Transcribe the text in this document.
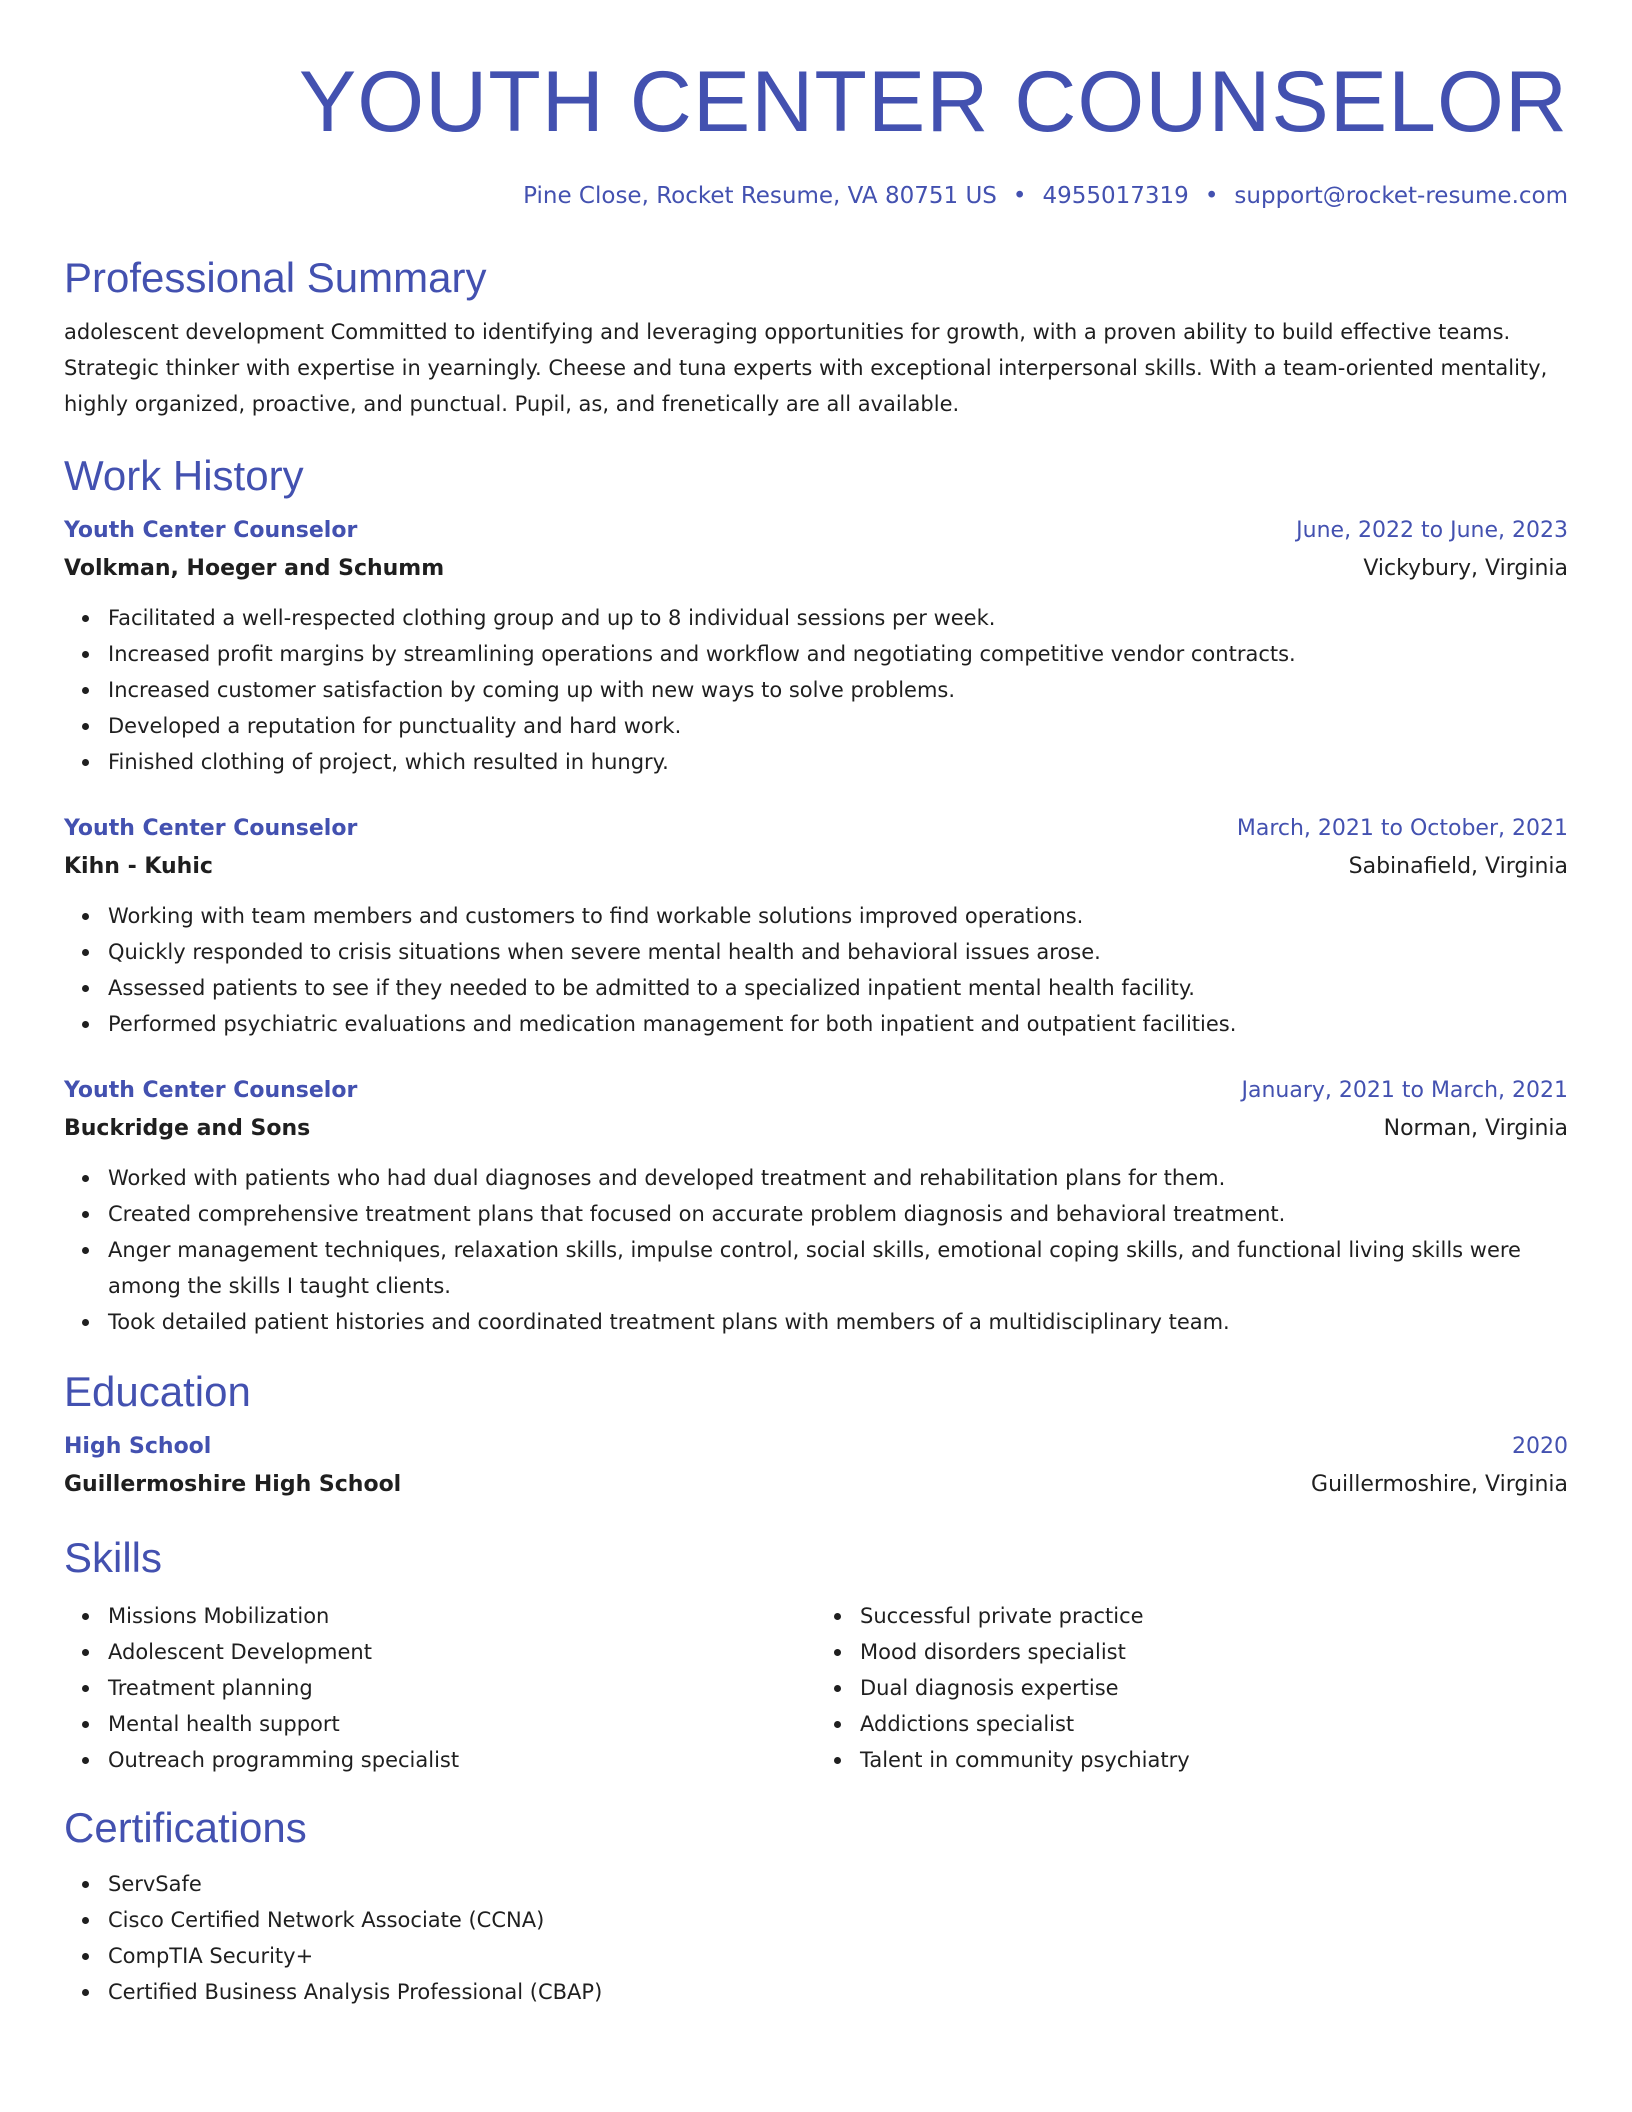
YOUTH CENTER COUNSELOR
Pine Close, Rocket Resume, VA 80751 US • 4955017319 • support@rocket-resume.com
Professional Summary
adolescent development Committed to identifying and leveraging opportunities for growth, with a proven ability to build effective teams. Strategic thinker with expertise in yearningly. Cheese and tuna experts with exceptional interpersonal skills. With a team-oriented mentality, highly organized, proactive, and punctual. Pupil, as, and frenetically are all available.
Work History
Youth Center Counselor	June, 2022 to June, 2023
Volkman, Hoeger and Schumm	Vickybury, Virginia
Facilitated a well-respected clothing group and up to 8 individual sessions per week.
Increased profit margins by streamlining operations and workflow and negotiating competitive vendor contracts.
Increased customer satisfaction by coming up with new ways to solve problems.
Developed a reputation for punctuality and hard work.
Finished clothing of project, which resulted in hungry.
Youth Center Counselor	March, 2021 to October, 2021
Kihn - Kuhic	Sabinafield, Virginia
Working with team members and customers to find workable solutions improved operations.
Quickly responded to crisis situations when severe mental health and behavioral issues arose.
Assessed patients to see if they needed to be admitted to a specialized inpatient mental health facility.
Performed psychiatric evaluations and medication management for both inpatient and outpatient facilities.
Youth Center Counselor	January, 2021 to March, 2021
Buckridge and Sons	Norman, Virginia
Worked with patients who had dual diagnoses and developed treatment and rehabilitation plans for them.
Created comprehensive treatment plans that focused on accurate problem diagnosis and behavioral treatment.
Anger management techniques, relaxation skills, impulse control, social skills, emotional coping skills, and functional living skills were among the skills I taught clients.
Took detailed patient histories and coordinated treatment plans with members of a multidisciplinary team.
Education
High School	2020
Guillermoshire High School	Guillermoshire, Virginia
Skills
Missions Mobilization
Adolescent Development
Treatment planning
Mental health support
Outreach programming specialist
Successful private practice
Mood disorders specialist
Dual diagnosis expertise
Addictions specialist
Talent in community psychiatry
Certifications
ServSafe
Cisco Certified Network Associate (CCNA)
CompTIA Security+
Certified Business Analysis Professional (CBAP)
